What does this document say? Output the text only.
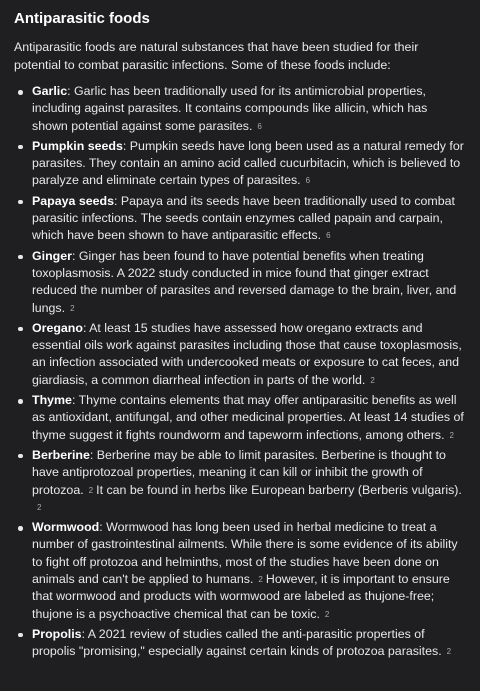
Antiparasitic foods

Antiparasitic foods are natural substances that have been studied for their potential to combat parasitic infections. Some of these foods include:

Garlic: Garlic has been traditionally used for its antimicrobial properties, including against parasites. It contains compounds like allicin, which has shown potential against some parasites. 6
Pumpkin seeds: Pumpkin seeds have long been used as a natural remedy for parasites. They contain an amino acid called cucurbitacin, which is believed to paralyze and eliminate certain types of parasites. 6
Papaya seeds: Papaya and its seeds have been traditionally used to combat parasitic infections. The seeds contain enzymes called papain and carpain, which have been shown to have antiparasitic effects. 6
Ginger: Ginger has been found to have potential benefits when treating toxoplasmosis. A 2022 study conducted in mice found that ginger extract reduced the number of parasites and reversed damage to the brain, liver, and lungs. 2
Oregano: At least 15 studies have assessed how oregano extracts and essential oils work against parasites including those that cause toxoplasmosis, an infection associated with undercooked meats or exposure to cat feces, and giardiasis, a common diarrheal infection in parts of the world. 2
Thyme: Thyme contains elements that may offer antiparasitic benefits as well as antioxidant, antifungal, and other medicinal properties. At least 14 studies of thyme suggest it fights roundworm and tapeworm infections, among others. 2
Berberine: Berberine may be able to limit parasites. Berberine is thought to have antiprotozoal properties, meaning it can kill or inhibit the growth of protozoa. 2 It can be found in herbs like European barberry (Berberis vulgaris).2
Wormwood: Wormwood has long been used in herbal medicine to treat a number of gastrointestinal ailments. While there is some evidence of its ability to fight off protozoa and helminths, most of the studies have been done on animals and can't be applied to humans. 2 However, it is important to ensure that wormwood and products with wormwood are labeled as thujone-free; thujone is a psychoactive chemical that can be toxic. 2
Propolis: A 2021 review of studies called the anti-parasitic properties of propolis "promising," especially against certain kinds of protozoa parasites. 2
